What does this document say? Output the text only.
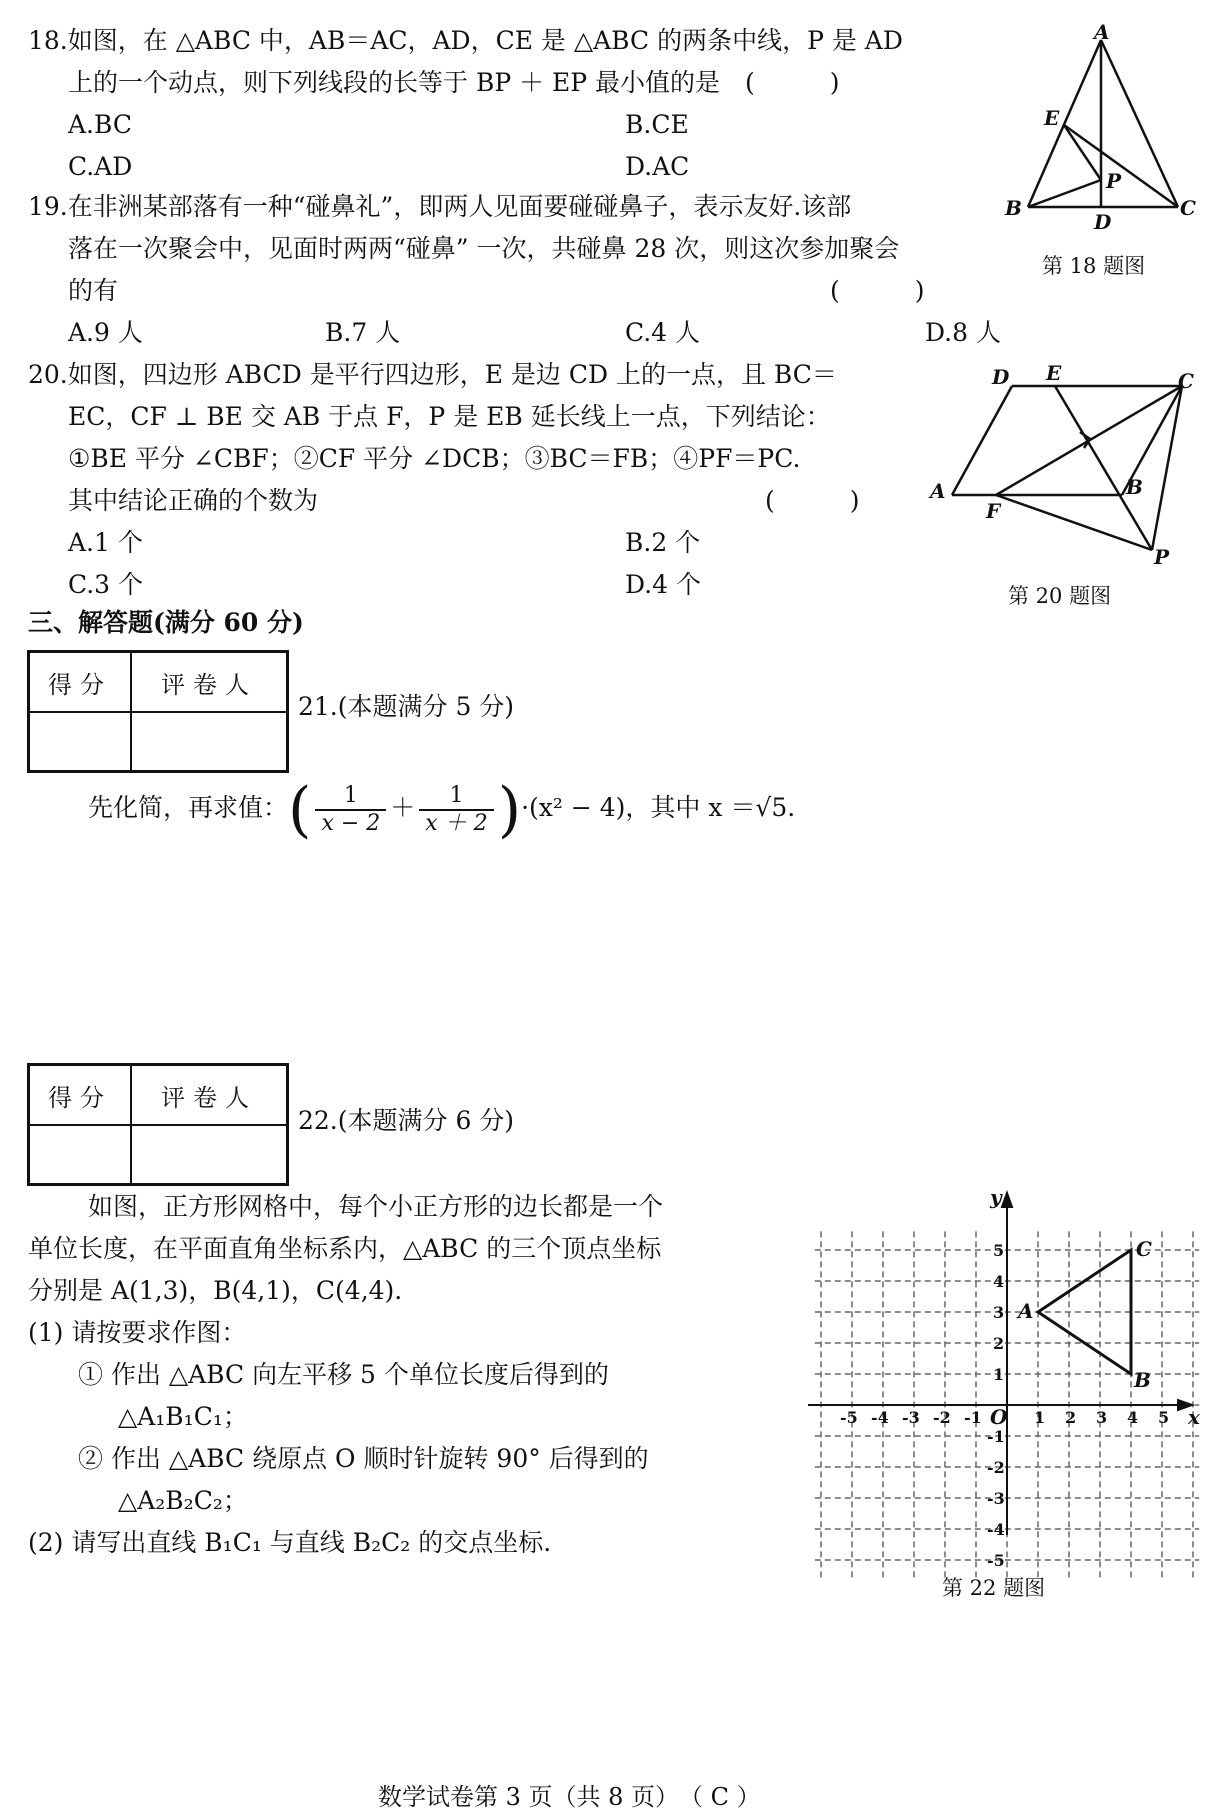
18.如图，在 △ABC 中，AB＝AC，AD，CE 是 △ABC 的两条中线，P 是 AD
上的一个动点，则下列线段的长等于 BP ＋ EP 最小值的是　(　　　)
A.BC	B.CE
C.AD	D.AC
A
B	C
D
E
P
第 18 题图
19.在非洲某部落有一种“碰鼻礼”，即两人见面要碰碰鼻子，表示友好.该部
落在一次聚会中，见面时两两“碰鼻” 一次，共碰鼻 28 次，则这次参加聚会
的有	(　　　)
A.9 人	B.7 人	C.4 人	D.8 人
20.如图，四边形 ABCD 是平行四边形，E 是边 CD 上的一点，且 BC＝
EC，CF ⊥ BE 交 AB 于点 F，P 是 EB 延长线上一点，下列结论：
①BE 平分 ∠CBF；②CF 平分 ∠DCB；③BC＝FB；④PF＝PC.
其中结论正确的个数为	(　　　)
A.1 个	B.2 个
C.3 个	D.4 个
D E	C
A
F
B
P
第 20 题图
三、解答题(满分 60 分)
得分	评卷人
21.(本题满分 5 分)
先化简，再求值：( $\frac{1}{x - 2} + \frac{1}{x + 2} )\cdot(x^2 - 4)$，其中 x ＝√5.
得分	评卷人
22.(本题满分 6 分)
如图，正方形网格中，每个小正方形的边长都是一个
单位长度，在平面直角坐标系内，△ABC 的三个顶点坐标
分别是 A(1,3)，B(4,1)，C(4,4).
(1) 请按要求作图：
① 作出 △ABC 向左平移 5 个单位长度后得到的
△A₁B₁C₁；
② 作出 △ABC 绕原点 O 顺时针旋转 90° 后得到的
△A₂B₂C₂；
(2) 请写出直线 B₁C₁ 与直线 B₂C₂ 的交点坐标.
-5 -4 -3 -2 -1	1 2 3 4 5
5
4
3
2
1
-1
-2
-3
-4
-5
x
y
O
A
B
C
第 22 题图
数学试卷第 3 页（共 8 页）　（ C ）
